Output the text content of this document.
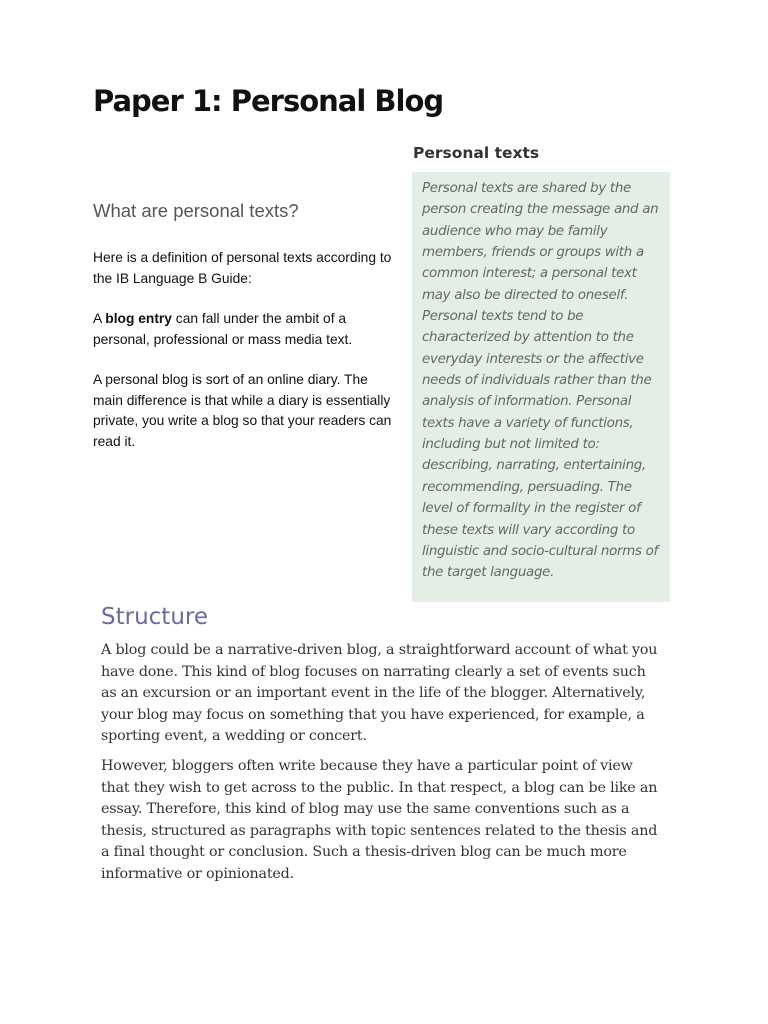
Paper 1: Personal Blog
What are personal texts?

Here is a definition of personal texts according to the IB Language B Guide:

A blog entry can fall under the ambit of a personal, professional or mass media text.

A personal blog is sort of an online diary. The main difference is that while a diary is essentially private, you write a blog so that your readers can read it.

Personal texts

Personal texts are shared by the person creating the message and an audience who may be family members, friends or groups with a common interest; a personal text may also be directed to oneself. Personal texts tend to be characterized by attention to the everyday interests or the affective needs of individuals rather than the analysis of information. Personal texts have a variety of functions, including but not limited to: describing, narrating, entertaining, recommending, persuading. The level of formality in the register of these texts will vary according to linguistic and socio-cultural norms of the target language.

Structure

A blog could be a narrative-driven blog, a straightforward account of what you have done. This kind of blog focuses on narrating clearly a set of events such as an excursion or an important event in the life of the blogger. Alternatively, your blog may focus on something that you have experienced, for example, a sporting event, a wedding or concert.

However, bloggers often write because they have a particular point of view that they wish to get across to the public. In that respect, a blog can be like an essay. Therefore, this kind of blog may use the same conventions such as a thesis, structured as paragraphs with topic sentences related to the thesis and a final thought or conclusion. Such a thesis-driven blog can be much more informative or opinionated.
